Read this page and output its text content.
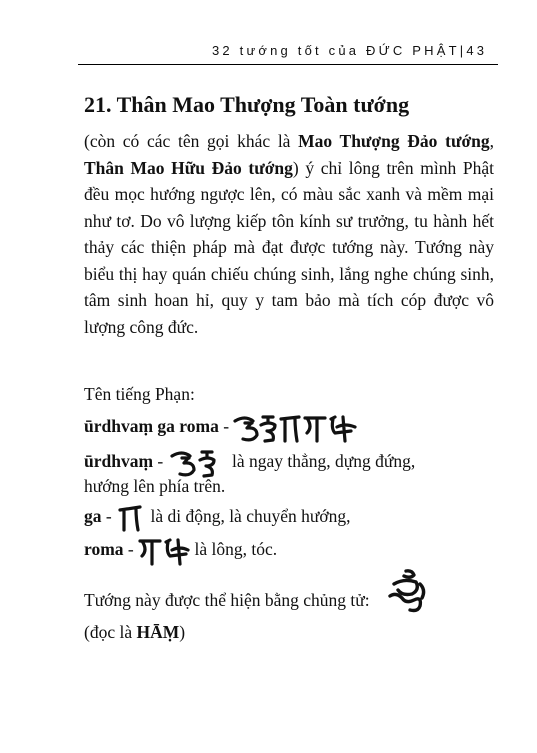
32 tướng tốt của ĐỨC PHẬT|43
21. Thân Mao Thượng Toàn tướng
(còn có các tên gọi khác là Mao Thượng Đảo tướng, Thân Mao Hữu Đảo tướng) ý chỉ lông trên mình Phật đều mọc hướng ngược lên, có màu sắc xanh và mềm mại như tơ. Do vô lượng kiếp tôn kính sư trưởng, tu hành hết thảy các thiện pháp mà đạt được tướng này. Tướng này biểu thị hay quán chiếu chúng sinh, lắng nghe chúng sinh, tâm sinh hoan hỉ, quy y tam bảo mà tích cóp được vô lượng công đức.
Tên tiếng Phạn:
ūrdhvaṃ ga roma -
ūrdhvaṃ -	là ngay thẳng, dựng đứng,
hướng lên phía trên.
ga - là di động, là chuyển hướng,
roma -	là lông, tóc.
Tướng này được thể hiện bằng chủng tử:
(đọc là HĀṂ)
